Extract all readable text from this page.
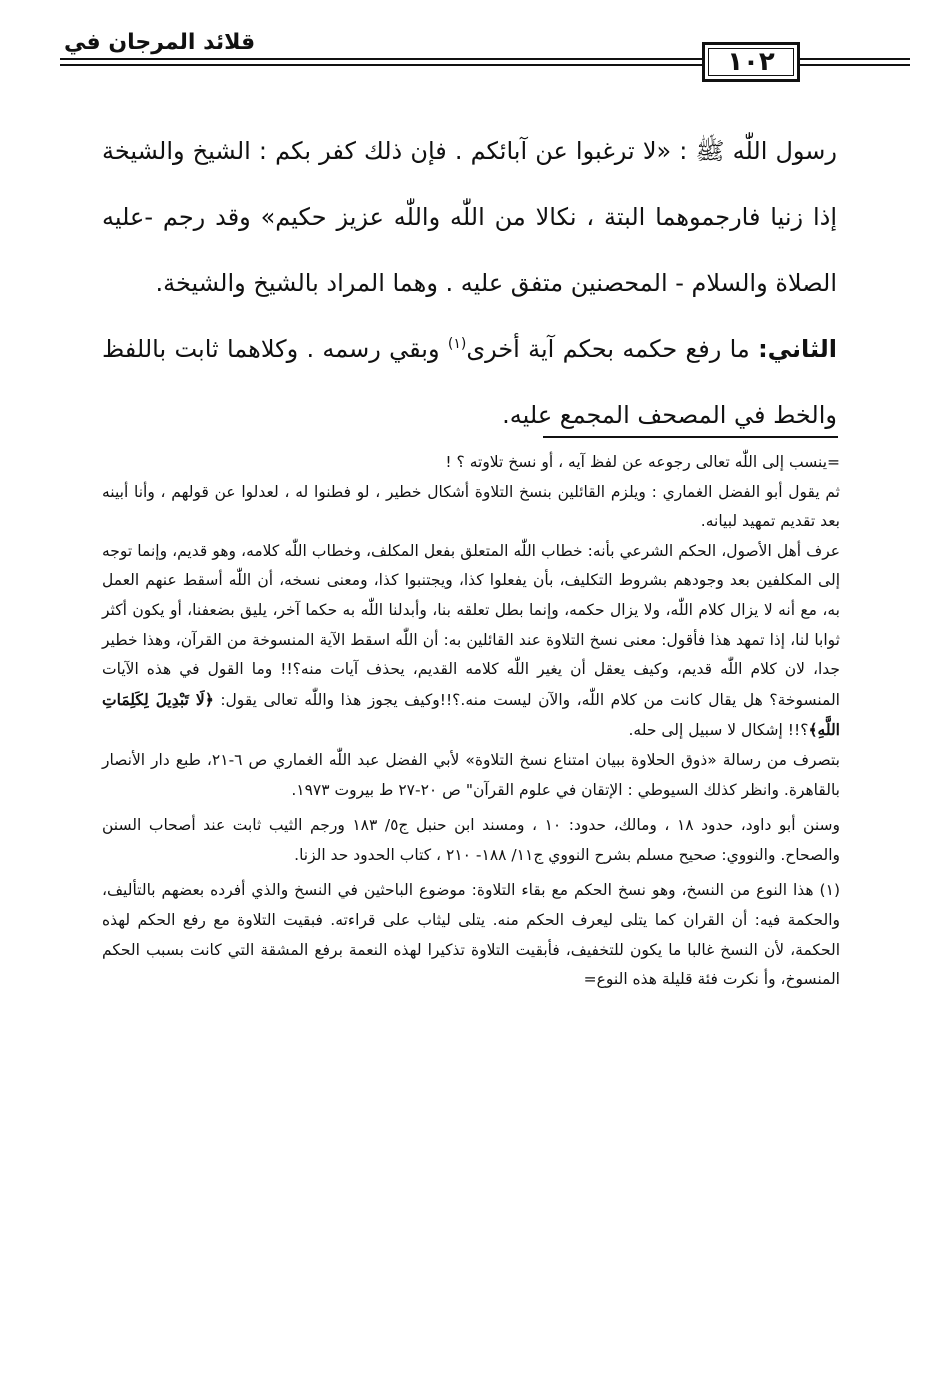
قلائد المرجان في
١٠٢

رسول اللّٰه ﷺ : «لا ترغبوا عن آبائكم . فإن ذلك كفر بكم : الشيخ والشيخة إذا زنيا فارجموهما البتة ، نكالا من اللّٰه واللّٰه عزيز حكيم» وقد رجم -عليه الصلاة والسلام - المحصنين متفق عليه . وهما المراد بالشيخ والشيخة.

الثاني: ما رفع حكمه بحكم آية أخرى$^{(١)}$ وبقي رسمه . وكلاهما ثابت باللفظ والخط في المصحف المجمع عليه.

=ينسب إلى اللّٰه تعالى رجوعه عن لفظ آيه ، أو نسخ تلاوته ؟ !

ثم يقول أبو الفضل الغماري : ويلزم القائلين بنسخ التلاوة أشكال خطير ، لو فطنوا له ، لعدلوا عن قولهم ، وأنا أبينه بعد تقديم تمهيد لبيانه.

عرف أهل الأصول، الحكم الشرعي بأنه: خطاب اللّٰه المتعلق بفعل المكلف، وخطاب اللّٰه كلامه، وهو قديم، وإنما توجه إلى المكلفين بعد وجودهم بشروط التكليف، بأن يفعلوا كذا، ويجتنبوا كذا، ومعنى نسخه، أن اللّٰه أسقط عنهم العمل به، مع أنه لا يزال كلام اللّٰه، ولا يزال حكمه، وإنما بطل تعلقه بنا، وأبدلنا اللّٰه به حكما آخر، يليق بضعفنا، أو يكون أكثر ثوابا لنا، إذا تمهد هذا فأقول: معنى نسخ التلاوة عند القائلين به: أن اللّٰه اسقط الآية المنسوخة من القرآن، وهذا خطير جدا، لان كلام اللّٰه قديم، وكيف يعقل أن يغير اللّٰه كلامه القديم، يحذف آيات منه؟!! وما القول في هذه الآيات المنسوخة؟ هل يقال كانت من كلام اللّٰه، والآن ليست منه.؟!!وكيف يجوز هذا واللّٰه تعالى يقول: ﴿لَا تَبْدِيلَ لِكَلِمَاتِ اللَّهِ﴾؟!! إشكال لا سبيل إلى حله.

بتصرف من رسالة «ذوق الحلاوة ببيان امتناع نسخ التلاوة» لأبي الفضل عبد اللّٰه الغماري ص ٦-٢١، طبع دار الأنصار بالقاهرة. وانظر كذلك السيوطي : الإتقان في علوم القرآن" ص ٢٠-٢٧ ط بيروت ١٩٧٣.

وسنن أبو داود، حدود ١٨ ، ومالك، حدود: ١٠ ، ومسند ابن حنبل ج٥/ ١٨٣ ورجم الثيب ثابت عند أصحاب السنن والصحاح. والنووي: صحيح مسلم بشرح النووي ج١١/ ١٨٨- ٢١٠ ، كتاب الحدود حد الزنا.

(١) هذا النوع من النسخ، وهو نسخ الحكم مع بقاء التلاوة: موضوع الباحثين في النسخ والذي أفرده بعضهم بالتأليف، والحكمة فيه: أن القران كما يتلى ليعرف الحكم منه. يتلى ليثاب على قراءته. فبقيت التلاوة مع رفع الحكم لهذه الحكمة، لأن النسخ غالبا ما يكون للتخفيف، فأبقيت التلاوة تذكيرا لهذه النعمة برفع المشقة التي كانت بسبب الحكم المنسوخ، وأ نكرت فئة قليلة هذه النوع=
